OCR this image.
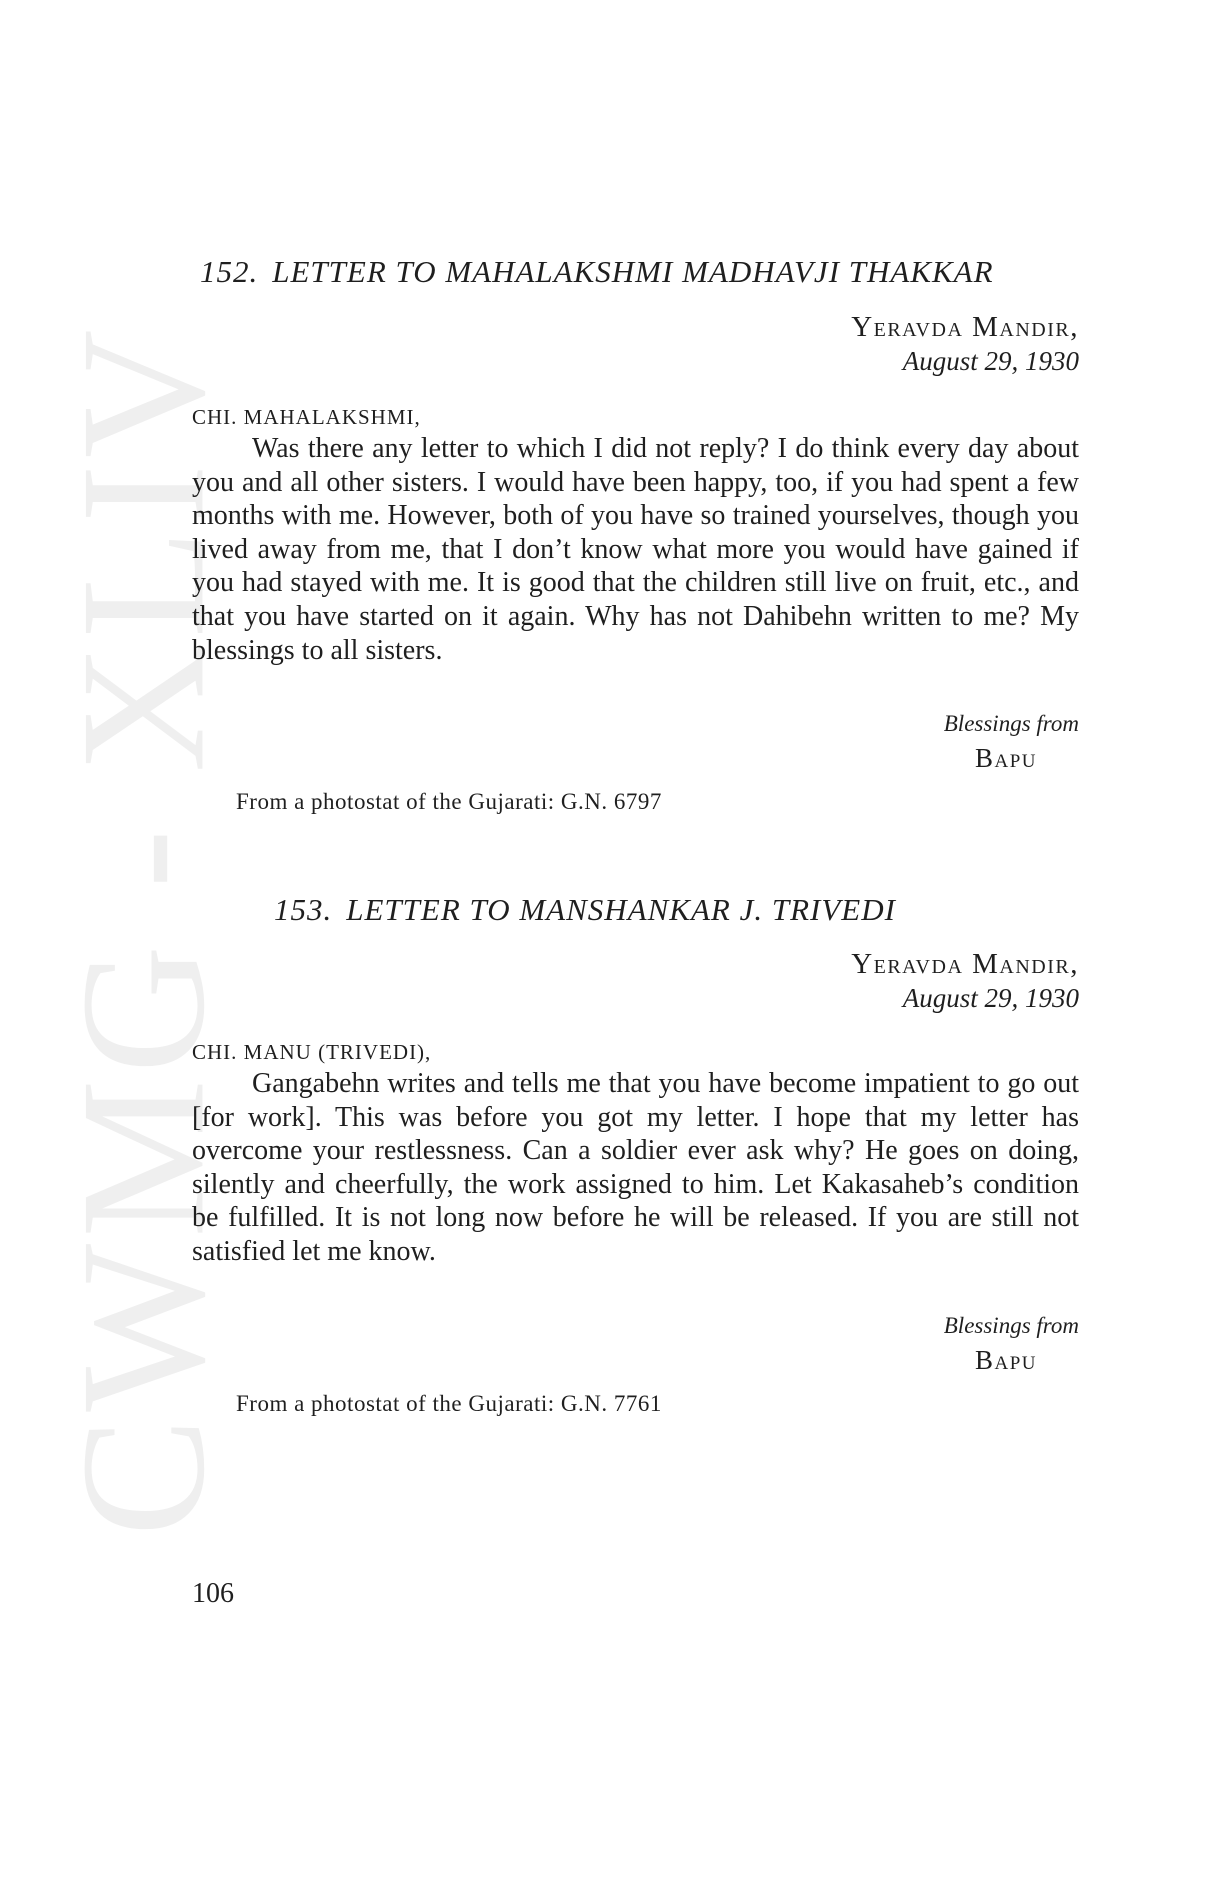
CWMG - XLIV
152. LETTER TO MAHALAKSHMI MADHAVJI THAKKAR
Yeravda Mandir,
August 29, 1930
CHI. MAHALAKSHMI,

Was there any letter to which I did not reply? I do think every day about you and all other sisters. I would have been happy, too, if you had spent a few months with me. However, both of you have so trained yourselves, though you lived away from me, that I don’t know what more you would have gained if you had stayed with me. It is good that the children still live on fruit, etc., and that you have started on it again. Why has not Dahibehn written to me? My blessings to all sisters.

Blessings from
Bapu
From a photostat of the Gujarati: G.N. 6797
153. LETTER TO MANSHANKAR J. TRIVEDI
Yeravda Mandir,
August 29, 1930
CHI. MANU (TRIVEDI),

Gangabehn writes and tells me that you have become impatient to go out [for work]. This was before you got my letter. I hope that my letter has overcome your restlessness. Can a soldier ever ask why? He goes on doing, silently and cheerfully, the work assigned to him. Let Kakasaheb’s condition be fulfilled. It is not long now before he will be released. If you are still not satisfied let me know.

Blessings from
Bapu
From a photostat of the Gujarati: G.N. 7761
106
